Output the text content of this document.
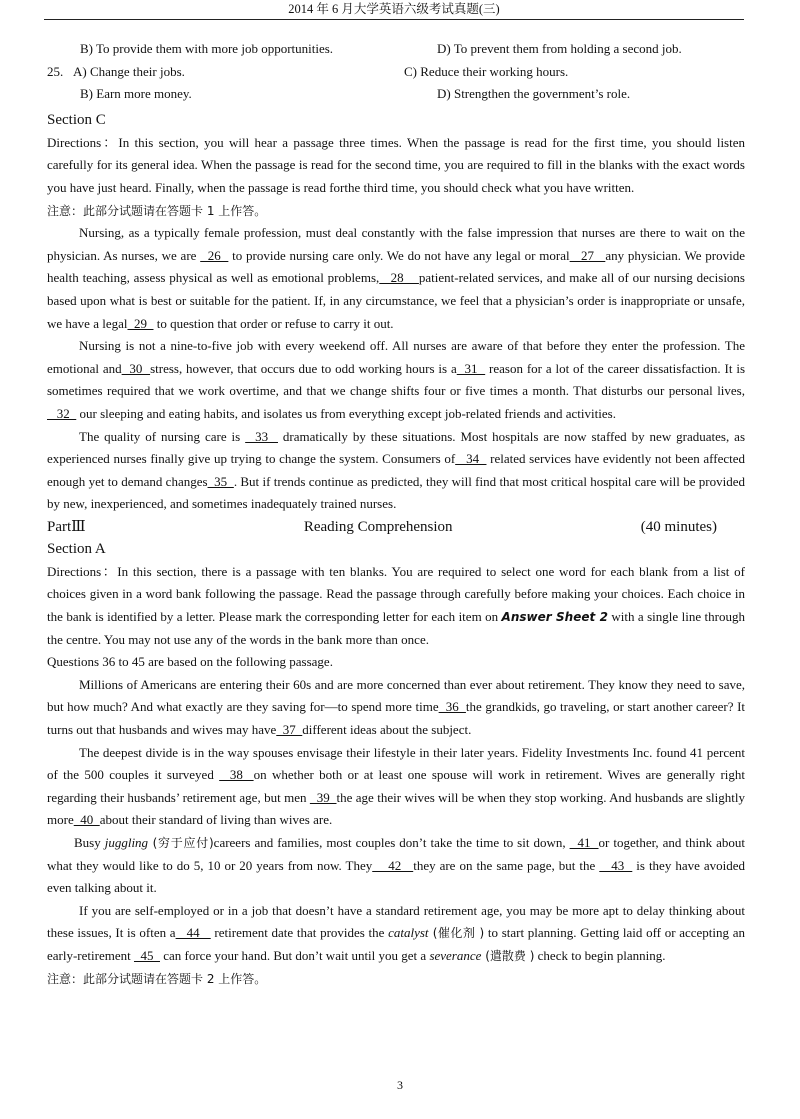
2014 年 6 月大学英语六级考试真题(三)
B) To provide them with more job opportunities.	D) To prevent them from holding a second job.
25. A) Change their jobs.	C) Reduce their working hours.
B) Earn more money.	D) Strengthen the government’s role.
Section C

Directions：In this section, you will hear a passage three times. When the passage is read for the first time, you should listen carefully for its general idea. When the passage is read for the second time, you are required to fill in the blanks with the exact words you have just heard. Finally, when the passage is read forthe third time, you should check what you have written.

注意：此部分试题请在答题卡 1 上作答。

Nursing, as a typically female profession, must deal constantly with the false impression that nurses are there to wait on the physician. As nurses, we are   26   to provide nursing care only. We do not have any legal or moral   27   any physician. We provide health teaching, assess physical as well as emotional problems,   28    patient-related services, and make all of our nursing decisions based upon what is best or suitable for the patient. If, in any circumstance, we feel that a physician’s order is inappropriate or unsafe, we have a legal  29   to question that order or refuse to carry it out.

Nursing is not a nine-to-five job with every weekend off. All nurses are aware of that before they enter the profession. The emotional and  30  stress, however, that occurs due to odd working hours is a  31   reason for a lot of the career dissatisfaction. It is sometimes required that we work overtime, and that we change shifts four or five times a month. That disturbs our personal lives,   32   our sleeping and eating habits, and isolates us from everything except job-related friends and activities.

The quality of nursing care is   33   dramatically by these situations. Most hospitals are now staffed by new graduates, as experienced nurses finally give up trying to change the system. Consumers of   34   related services have evidently not been affected enough yet to demand changes  35  . But if trends continue as predicted, they will find that most critical hospital care will be provided by new, inexperienced, and sometimes inadequately trained nurses.

PartⅢ	Reading Comprehension	(40 minutes)
Section A

Directions：In this section, there is a passage with ten blanks. You are required to select one word for each blank from a list of choices given in a word bank following the passage. Read the passage through carefully before making your choices. Each choice in the bank is identified by a letter. Please mark the corresponding letter for each item on Answer Sheet 2 with a single line through the centre. You may not use any of the words in the bank more than once.

Questions 36 to 45 are based on the following passage.

Millions of Americans are entering their 60s and are more concerned than ever about retirement. They know they need to save, but how much? And what exactly are they saving for—to spend more time  36  the grandkids, go traveling, or start another career? It turns out that husbands and wives may have  37  different ideas about the subject.

The deepest divide is in the way spouses envisage their lifestyle in their later years. Fidelity Investments Inc. found 41 percent of the 500 couples it surveyed   38  on whether both or at least one spouse will work in retirement. Wives are generally right regarding their husbands’ retirement age, but men   39  the age their wives will be when they stop working. And husbands are slightly more  40  about their standard of living than wives are.

Busy juggling (穷于应付)careers and families, most couples don’t take the time to sit down,   41  or together, and think about what they would like to do 5, 10 or 20 years from now. They    42   they are on the same page, but the    43   is they have avoided even talking about it.

If you are self-employed or in a job that doesn’t have a standard retirement age, you may be more apt to delay thinking about these issues, It is often a   44    retirement date that provides the catalyst (催化剂 ) to start planning. Getting laid off or accepting an early-retirement   45   can force your hand. But don’t wait until you get a severance (遣散费 ) check to begin planning.

注意：此部分试题请在答题卡 2 上作答。

3
